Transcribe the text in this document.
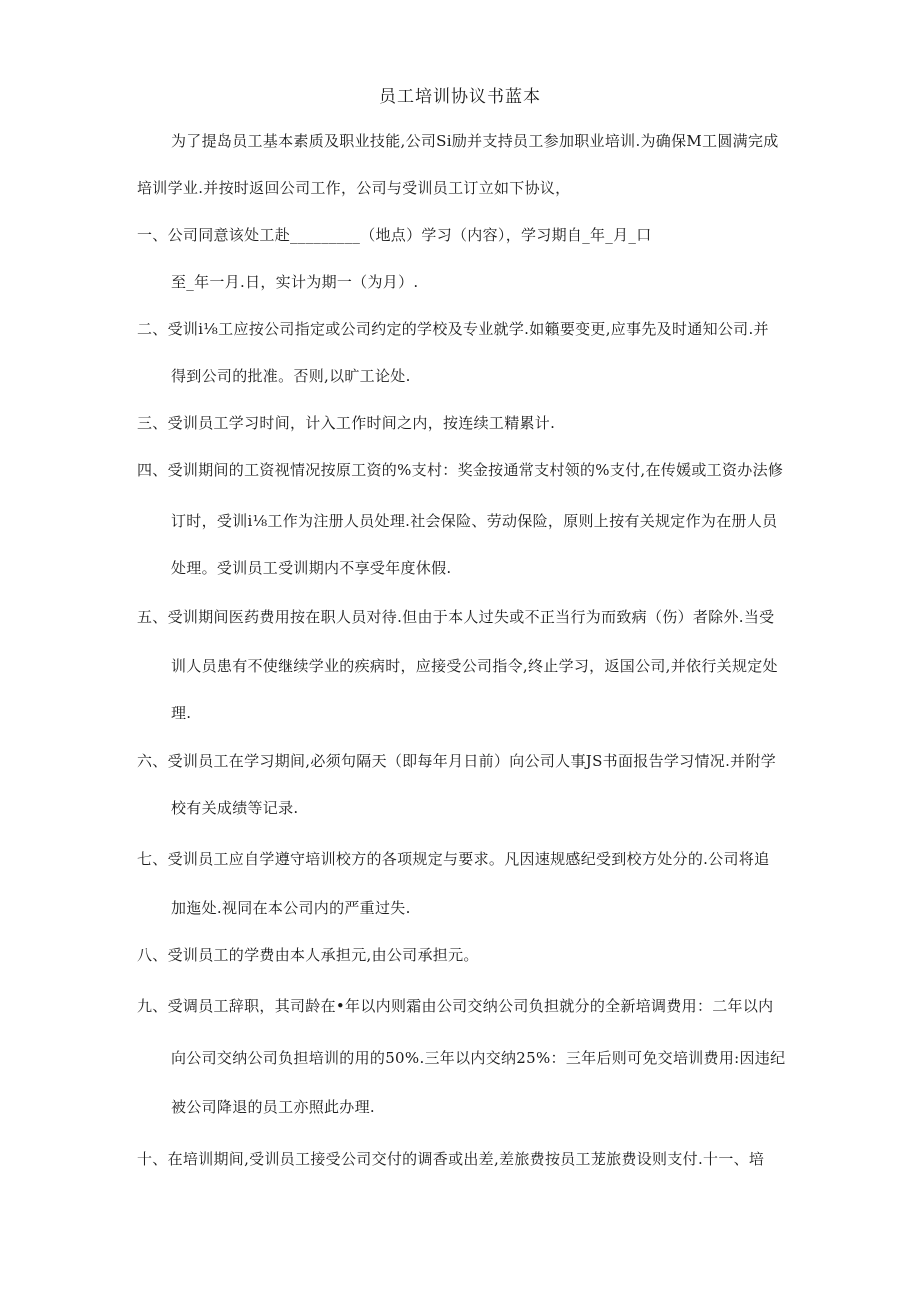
员工培训协议书蓝本
为了提岛员工基本素质及职业技能,公司Si励并支持员工参加职业培训.为确保M工圆满完成
培训学业.并按时返回公司工作，公司与受训员工订立如下协议，
一、公司同意该处工赴_________（地点）学习（内容），学习期自_年_月_口
至_年一月.日，实计为期一（为月）.
二、受训i⅛工应按公司指定或公司约定的学校及专业就学.如籟要变更,应事先及时通知公司.并
得到公司的批准。否则,以旷工论处.
三、受训员工学习时间，计入工作时间之内，按连续工精累计.
四、受训期间的工资视情况按原工资的%支村：奖金按通常支村领的%支付,在传媛或工资办法修
订时，受训i⅛工作为注册人员处理.社会保险、劳动保险，原则上按有关规定作为在册人员
处理。受训员工受训期内不享受年度休假.
五、受训期间医药费用按在职人员对待.但由于本人过失或不正当行为而致病（伤）者除外.当受
训人员患有不使继续学业的疾病时，应接受公司指令,终止学习，返国公司,并依行关规定处
理.
六、受训员工在学习期间,必须句隔天（即每年月日前）向公司人事JS书面报告学习情况.并附学
校有关成绩等记录.
七、受训员工应自学遵守培训校方的各项规定与要求。凡因速规感纪受到校方处分的.公司将追
加迤处.视同在本公司内的严重过失.
八、受训员工的学费由本人承担元,由公司承担元。
九、受调员工辞职，其司龄在•年以内则霜由公司交纳公司负担就分的全新培调费用：二年以内
向公司交纳公司负担培训的用的50%.三年以内交纳25%：三年后则可免交培训费用:因违纪
被公司降退的员工亦照此办理.
十、在培训期间,受训员工接受公司交付的调香或出差,差旅费按员工茏旅费设则支付.十一、培
